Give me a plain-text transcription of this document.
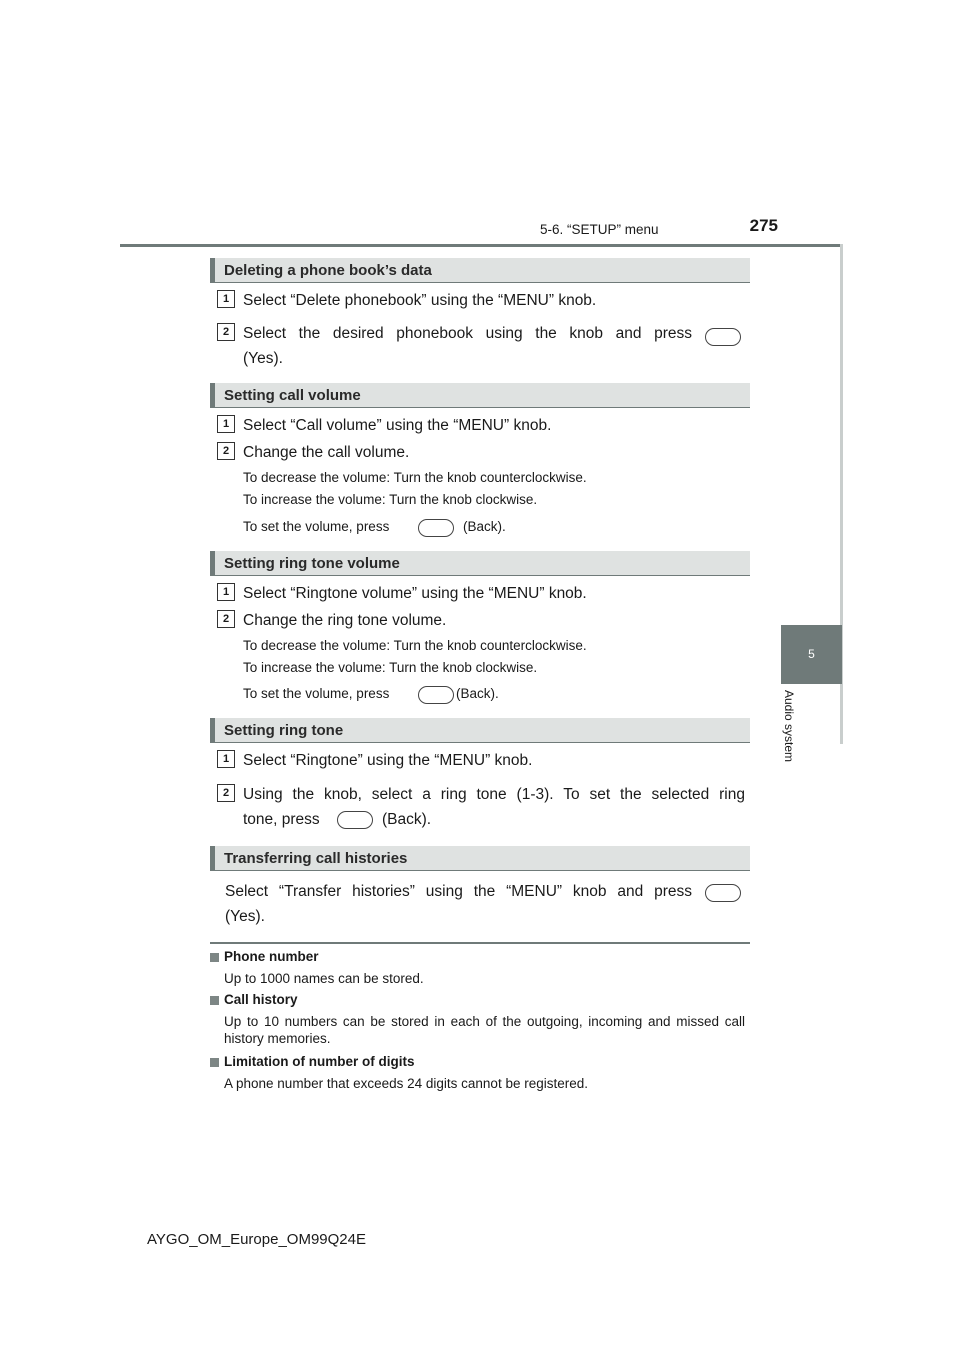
5-6. “SETUP” menu	275
5
Audio system
Deleting a phone book’s data
1 Select “Delete phonebook” using the “MENU” knob.
2 Select the desired phonebook using the knob and press
(Yes).
Setting call volume
1 Select “Call volume” using the “MENU” knob.
2 Change the call volume.
To decrease the volume: Turn the knob counterclockwise.
To increase the volume: Turn the knob clockwise.
To set the volume, press	(Back).
Setting ring tone volume
1 Select “Ringtone volume” using the “MENU” knob.
2 Change the ring tone volume.
To decrease the volume: Turn the knob counterclockwise.
To increase the volume: Turn the knob clockwise.
To set the volume, press	(Back).
Setting ring tone
1 Select “Ringtone” using the “MENU” knob.
2 Using the knob, select a ring tone (1-3). To set the selected ring
tone, press	(Back).
Transferring call histories
Select “Transfer histories” using the “MENU” knob and press
(Yes).
Phone number
Up to 1000 names can be stored.
Call history
Up to 10 numbers can be stored in each of the outgoing, incoming and missed call history memories.
Limitation of number of digits
A phone number that exceeds 24 digits cannot be registered.
AYGO_OM_Europe_OM99Q24E
